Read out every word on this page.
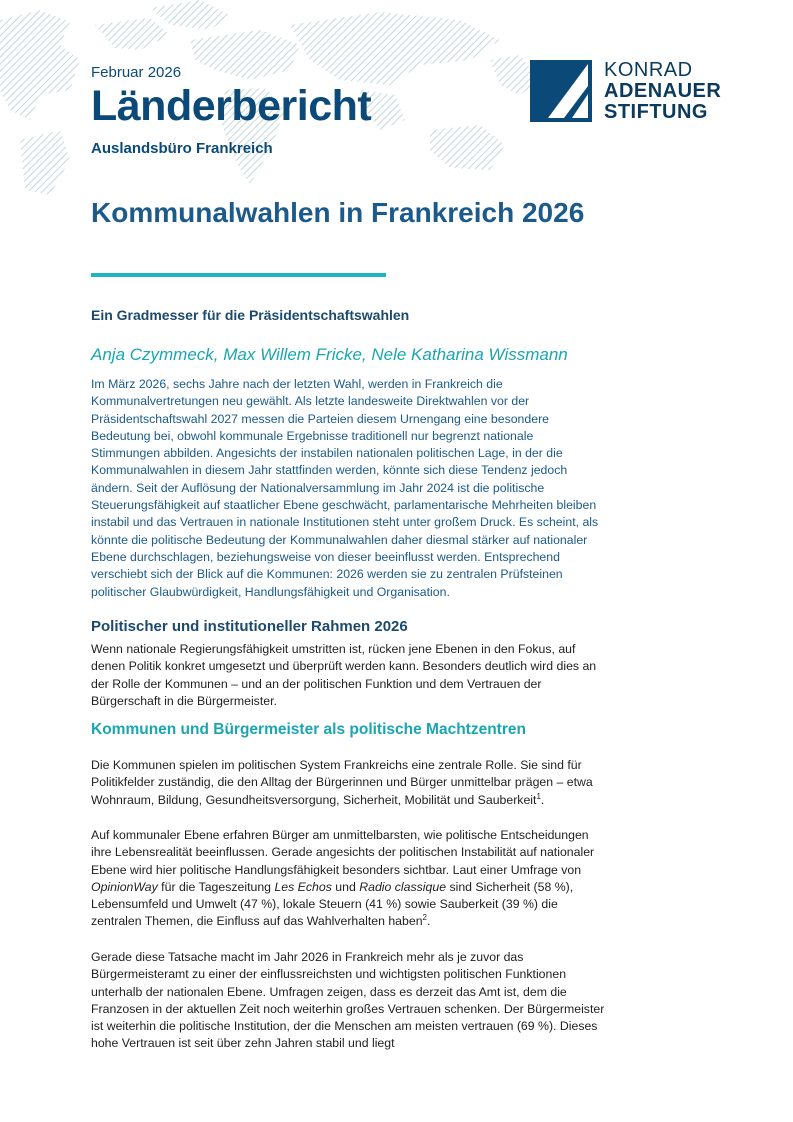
Februar 2026

Länderbericht
Auslandsbüro Frankreich
KONRAD
ADENAUER
STIFTUNG
Kommunalwahlen in Frankreich 2026

Ein Gradmesser für die Präsidentschaftswahlen

Anja Czymmeck, Max Willem Fricke, Nele Katharina Wissmann

Im März 2026, sechs Jahre nach der letzten Wahl, werden in Frankreich die Kommunalvertretungen neu gewählt. Als letzte landesweite Direktwahlen vor der Präsidentschaftswahl 2027 messen die Parteien diesem Urnengang eine besondere Bedeutung bei, obwohl kommunale Ergebnisse traditionell nur begrenzt nationale Stimmungen abbilden. Angesichts der instabilen nationalen politischen Lage, in der die Kommunalwahlen in diesem Jahr stattfinden werden, könnte sich diese Tendenz jedoch ändern. Seit der Auflösung der Nationalversammlung im Jahr 2024 ist die politische Steuerungsfähigkeit auf staatlicher Ebene geschwächt, parlamentarische Mehrheiten bleiben instabil und das Vertrauen in nationale Institutionen steht unter großem Druck. Es scheint, als könnte die politische Bedeutung der Kommunalwahlen daher diesmal stärker auf nationaler Ebene durchschlagen, beziehungsweise von dieser beeinflusst werden. Entsprechend verschiebt sich der Blick auf die Kommunen: 2026 werden sie zu zentralen Prüfsteinen politischer Glaubwürdigkeit, Handlungsfähigkeit und Organisation.

Politischer und institutioneller Rahmen 2026

Wenn nationale Regierungsfähigkeit umstritten ist, rücken jene Ebenen in den Fokus, auf denen Politik konkret umgesetzt und überprüft werden kann. Besonders deutlich wird dies an der Rolle der Kommunen – und an der politischen Funktion und dem Vertrauen der Bürgerschaft in die Bürgermeister.

Kommunen und Bürgermeister als politische Machtzentren

Die Kommunen spielen im politischen System Frankreichs eine zentrale Rolle. Sie sind für Politikfelder zuständig, die den Alltag der Bürgerinnen und Bürger unmittelbar prägen – etwa Wohnraum, Bildung, Gesundheitsversorgung, Sicherheit, Mobilität und Sauberkeit$^1$.

Auf kommunaler Ebene erfahren Bürger am unmittelbarsten, wie politische Entscheidungen ihre Lebensrealität beeinflussen. Gerade angesichts der politischen Instabilität auf nationaler Ebene wird hier politische Handlungsfähigkeit besonders sichtbar. Laut einer Umfrage von OpinionWay für die Tageszeitung Les Echos und Radio classique sind Sicherheit (58 %), Lebensumfeld und Umwelt (47 %), lokale Steuern (41 %) sowie Sauberkeit (39 %) die zentralen Themen, die Einfluss auf das Wahlverhalten haben$^2$.

Gerade diese Tatsache macht im Jahr 2026 in Frankreich mehr als je zuvor das Bürgermeisteramt zu einer der einflussreichsten und wichtigsten politischen Funktionen unterhalb der nationalen Ebene. Umfragen zeigen, dass es derzeit das Amt ist, dem die Franzosen in der aktuellen Zeit noch weiterhin großes Vertrauen schenken. Der Bürgermeister ist weiterhin die politische Institution, der die Menschen am meisten vertrauen (69 %). Dieses hohe Vertrauen ist seit über zehn Jahren stabil und liegt
